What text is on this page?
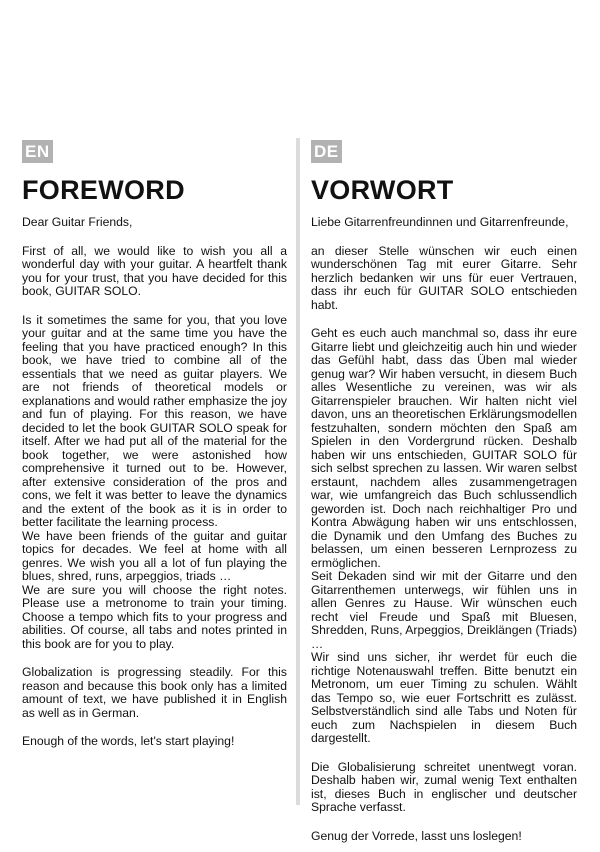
EN
FOREWORD

Dear Guitar Friends,

First of all, we would like to wish you all a wonderful day with your guitar. A heartfelt thank you for your trust, that you have decided for this book, GUITAR SOLO.

Is it sometimes the same for you, that you love your guitar and at the same time you have the feeling that you have practiced enough? In this book, we have tried to combine all of the essentials that we need as guitar players. We are not friends of theoretical models or explanations and would rather emphasize the joy and fun of playing. For this reason, we have decided to let the book GUITAR SOLO speak for itself. After we had put all of the material for the book together, we were astonished how comprehensive it turned out to be. However, after extensive consideration of the pros and cons, we felt it was better to leave the dynamics and the extent of the book as it is in order to better facilitate the learning process.

We have been friends of the guitar and guitar topics for decades. We feel at home with all genres. We wish you all a lot of fun playing the blues, shred, runs, arpeggios, triads …

We are sure you will choose the right notes. Please use a metronome to train your timing. Choose a tempo which fits to your progress and abilities. Of course, all tabs and notes printed in this book are for you to play.

Globalization is progressing steadily. For this reason and because this book only has a limited amount of text, we have published it in English as well as in German.

Enough of the words, let's start playing!

DE
VORWORT

Liebe Gitarrenfreundinnen und Gitarrenfreunde,

an dieser Stelle wünschen wir euch einen wunderschönen Tag mit eurer Gitarre. Sehr herzlich bedanken wir uns für euer Vertrauen, dass ihr euch für GUITAR SOLO entschieden habt.

Geht es euch auch manchmal so, dass ihr eure Gitarre liebt und gleichzeitig auch hin und wieder das Gefühl habt, dass das Üben mal wieder genug war? Wir haben versucht, in diesem Buch alles Wesentliche zu vereinen, was wir als Gitarrenspieler brauchen. Wir halten nicht viel davon, uns an theoretischen Erklärungsmodellen festzuhalten, sondern möchten den Spaß am Spielen in den Vordergrund rücken. Deshalb haben wir uns entschieden, GUITAR SOLO für sich selbst sprechen zu lassen. Wir waren selbst erstaunt, nachdem alles zusammengetragen war, wie umfangreich das Buch schlussendlich geworden ist. Doch nach reichhaltiger Pro und Kontra Abwägung haben wir uns entschlossen, die Dynamik und den Umfang des Buches zu belassen, um einen besseren Lernprozess zu ermöglichen.

Seit Dekaden sind wir mit der Gitarre und den Gitarrenthemen unterwegs, wir fühlen uns in allen Genres zu Hause. Wir wünschen euch recht viel Freude und Spaß mit Bluesen, Shredden, Runs, Arpeggios, Dreiklängen (Triads) …

Wir sind uns sicher, ihr werdet für euch die richtige Notenauswahl treffen. Bitte benutzt ein Metronom, um euer Timing zu schulen. Wählt das Tempo so, wie euer Fortschritt es zulässt. Selbstverständlich sind alle Tabs und Noten für euch zum Nachspielen in diesem Buch dargestellt.

Die Globalisierung schreitet unentwegt voran. Deshalb haben wir, zumal wenig Text enthalten ist, dieses Buch in englischer und deutscher Sprache verfasst.

Genug der Vorrede, lasst uns loslegen!
